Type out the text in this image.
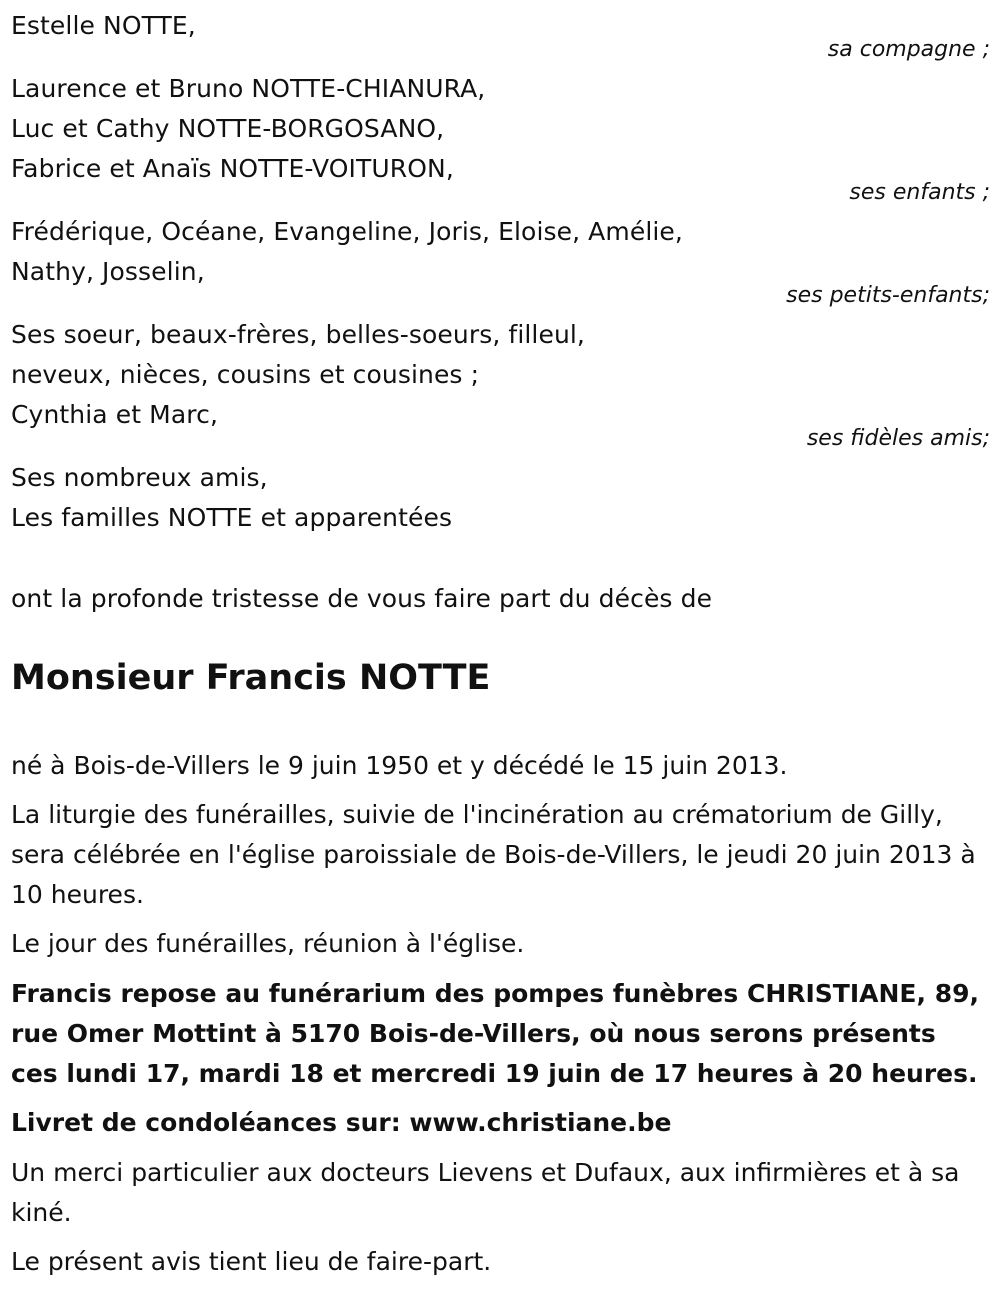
Estelle NOTTE,
sa compagne ;
Laurence et Bruno NOTTE-CHIANURA,
Luc et Cathy NOTTE-BORGOSANO,
Fabrice et Anaïs NOTTE-VOITURON,
ses enfants ;
Frédérique, Océane, Evangeline, Joris, Eloise, Amélie,
Nathy, Josselin,
ses petits-enfants;
Ses soeur, beaux-frères, belles-soeurs, filleul,
neveux, nièces, cousins et cousines ;
Cynthia et Marc,
ses fidèles amis;
Ses nombreux amis,
Les familles NOTTE et apparentées
ont la profonde tristesse de vous faire part du décès de
Monsieur Francis NOTTE
né à Bois-de-Villers le 9 juin 1950 et y décédé le 15 juin 2013.
La liturgie des funérailles, suivie de l'incinération au crématorium de Gilly, sera célébrée en l'église paroissiale de Bois-de-Villers, le jeudi 20 juin 2013 à 10 heures.
Le jour des funérailles, réunion à l'église.
Francis repose au funérarium des pompes funèbres CHRISTIANE, 89, rue Omer Mottint à 5170 Bois-de-Villers, où nous serons présents ces lundi 17, mardi 18 et mercredi 19 juin de 17 heures à 20 heures.
Livret de condoléances sur: www.christiane.be
Un merci particulier aux docteurs Lievens et Dufaux, aux infirmières et à sa kiné.
Le présent avis tient lieu de faire-part.
